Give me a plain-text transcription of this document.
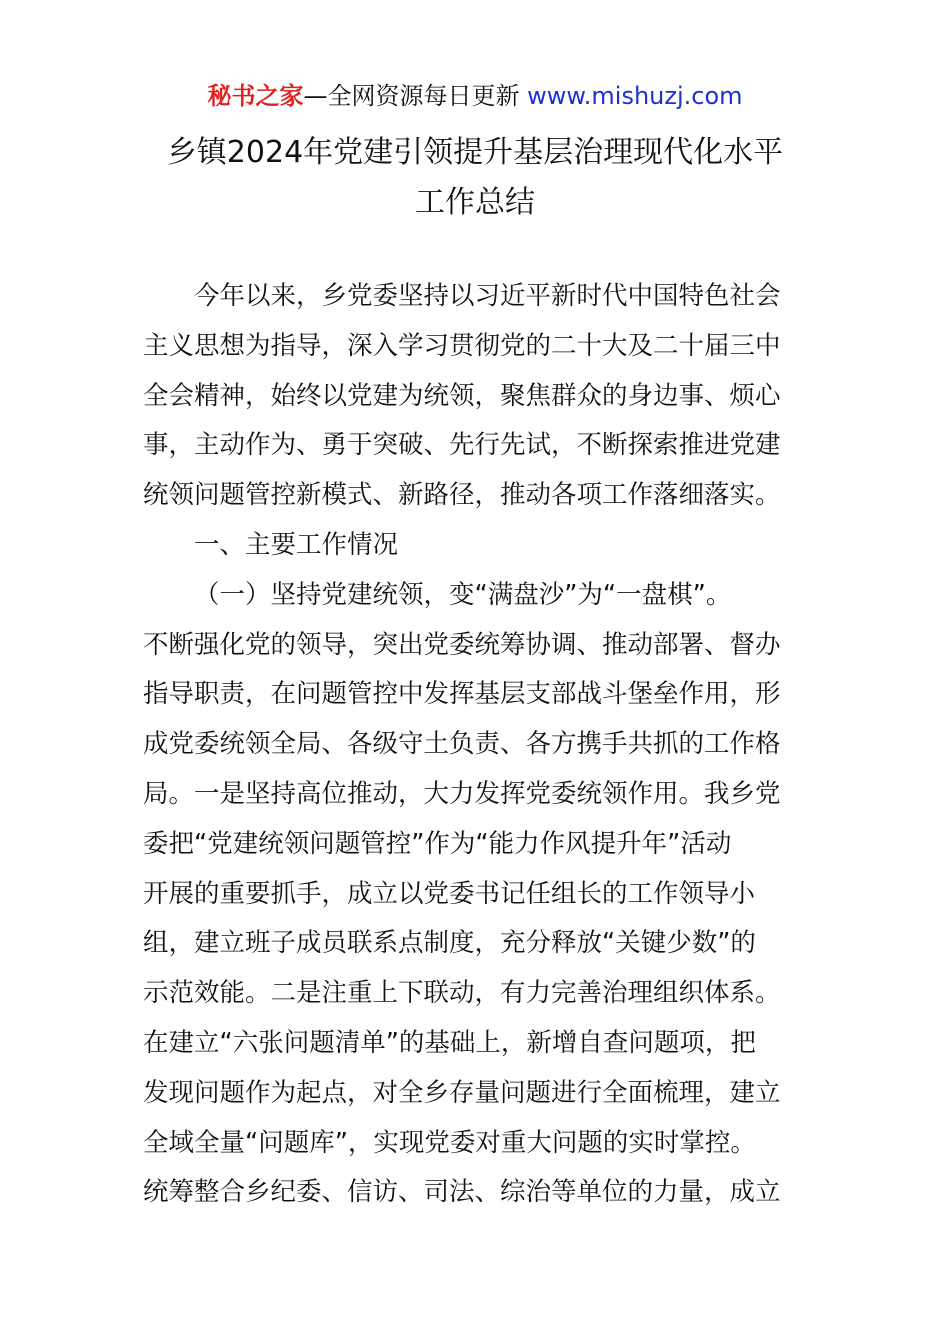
秘书之家—全网资源每日更新 www.mishuzj.com
乡镇2024年党建引领提升基层治理现代化水平
工作总结
今年以来，乡党委坚持以习近平新时代中国特色社会
主义思想为指导，深入学习贯彻党的二十大及二十届三中
全会精神，始终以党建为统领，聚焦群众的身边事、烦心
事，主动作为、勇于突破、先行先试，不断探索推进党建
统领问题管控新模式、新路径，推动各项工作落细落实。
一、主要工作情况
（一）坚持党建统领，变“满盘沙”为“一盘棋”。
不断强化党的领导，突出党委统筹协调、推动部署、督办
指导职责，在问题管控中发挥基层支部战斗堡垒作用，形
成党委统领全局、各级守土负责、各方携手共抓的工作格
局。一是坚持高位推动，大力发挥党委统领作用。我乡党
委把“党建统领问题管控”作为“能力作风提升年”活动
开展的重要抓手，成立以党委书记任组长的工作领导小
组，建立班子成员联系点制度，充分释放“关键少数”的
示范效能。二是注重上下联动，有力完善治理组织体系。
在建立“六张问题清单”的基础上，新增自查问题项，把
发现问题作为起点，对全乡存量问题进行全面梳理，建立
全域全量“问题库”，实现党委对重大问题的实时掌控。
统筹整合乡纪委、信访、司法、综治等单位的力量，成立
